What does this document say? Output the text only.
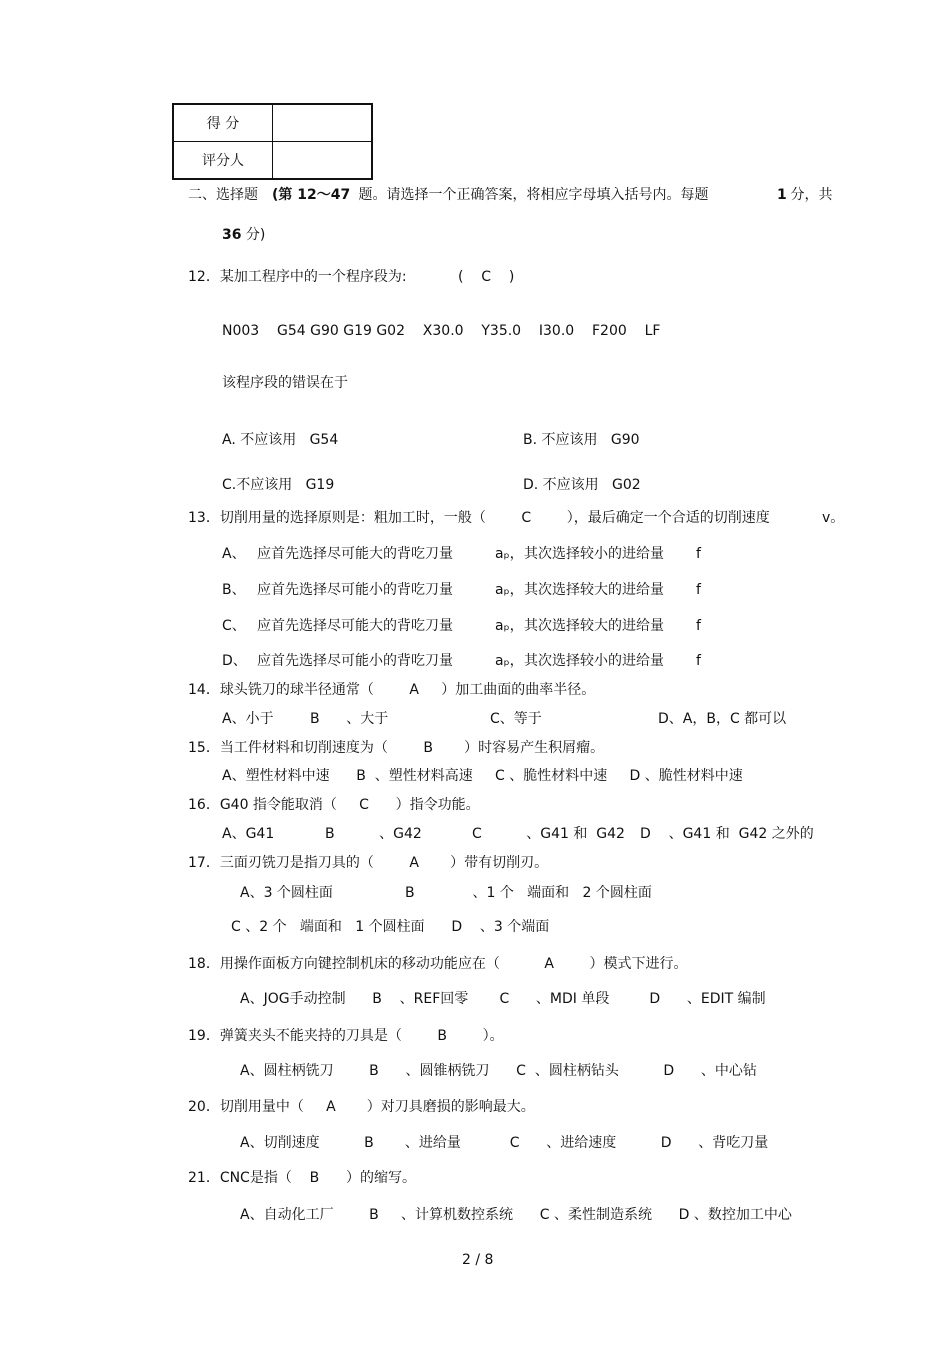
得 分	
评分人	
二、选择题 (第 12～47 题。请选择一个正确答案，将相应字母填入括号内。每题	1 分，共
36 分)
12．某加工程序中的一个程序段为:	(    C    )
N003    G54 G90 G19 G02    X30.0    Y35.0    I30.0    F200    LF
该程序段的错误在于
A. 不应该用   G54	B. 不应该用   G90
C.不应该用   G19	D. 不应该用   G02
13．切削用量的选择原则是：粗加工时，一般（        C        ），最后确定一个合适的切削速度	v。
A、 应首先选择尽可能大的背吃刀量	aₚ， 其次选择较小的进给量 f
B、 应首先选择尽可能小的背吃刀量	aₚ， 其次选择较大的进给量 f
C、 应首先选择尽可能大的背吃刀量	aₚ， 其次选择较大的进给量 f
D、 应首先选择尽可能小的背吃刀量	aₚ， 其次选择较小的进给量 f
14．球头铣刀的球半径通常（        A     ）加工曲面的曲率半径。
A、小于	B      、大于	C、等于	D、A，B，C 都可以
15．当工件材料和切削速度为（        B       ）时容易产生积屑瘤。
A、塑性材料中速      B  、塑性材料高速     C 、脆性材料中速     D 、脆性材料中速
16．G40 指令能取消（     C      ）指令功能。
A、G41	B          、G42	C          、G41 和  G42 D    、G41 和  G42 之外的
17．三面刃铣刀是指刀具的（        A       ）带有切削刃。
A、3 个圆柱面	B             、1 个   端面和   2 个圆柱面
C 、2 个   端面和   1 个圆柱面      D    、3 个端面
18．用操作面板方向键控制机床的移动功能应在（          A        ）模式下进行。
A、JOG手动控制      B    、REF回零       C      、MDI 单段         D      、EDIT 编制
19．弹簧夹头不能夹持的刀具是（        B        ）。
A、圆柱柄铣刀        B      、圆锥柄铣刀      C  、圆柱柄钻头          D      、中心钻
20．切削用量中（     A       ）对刀具磨损的影响最大。
A、切削速度          B       、进给量           C      、进给速度          D      、背吃刀量
21．CNC是指（    B      ）的缩写。
A、自动化工厂        B     、计算机数控系统      C 、柔性制造系统      D 、数控加工中心
2 / 8
